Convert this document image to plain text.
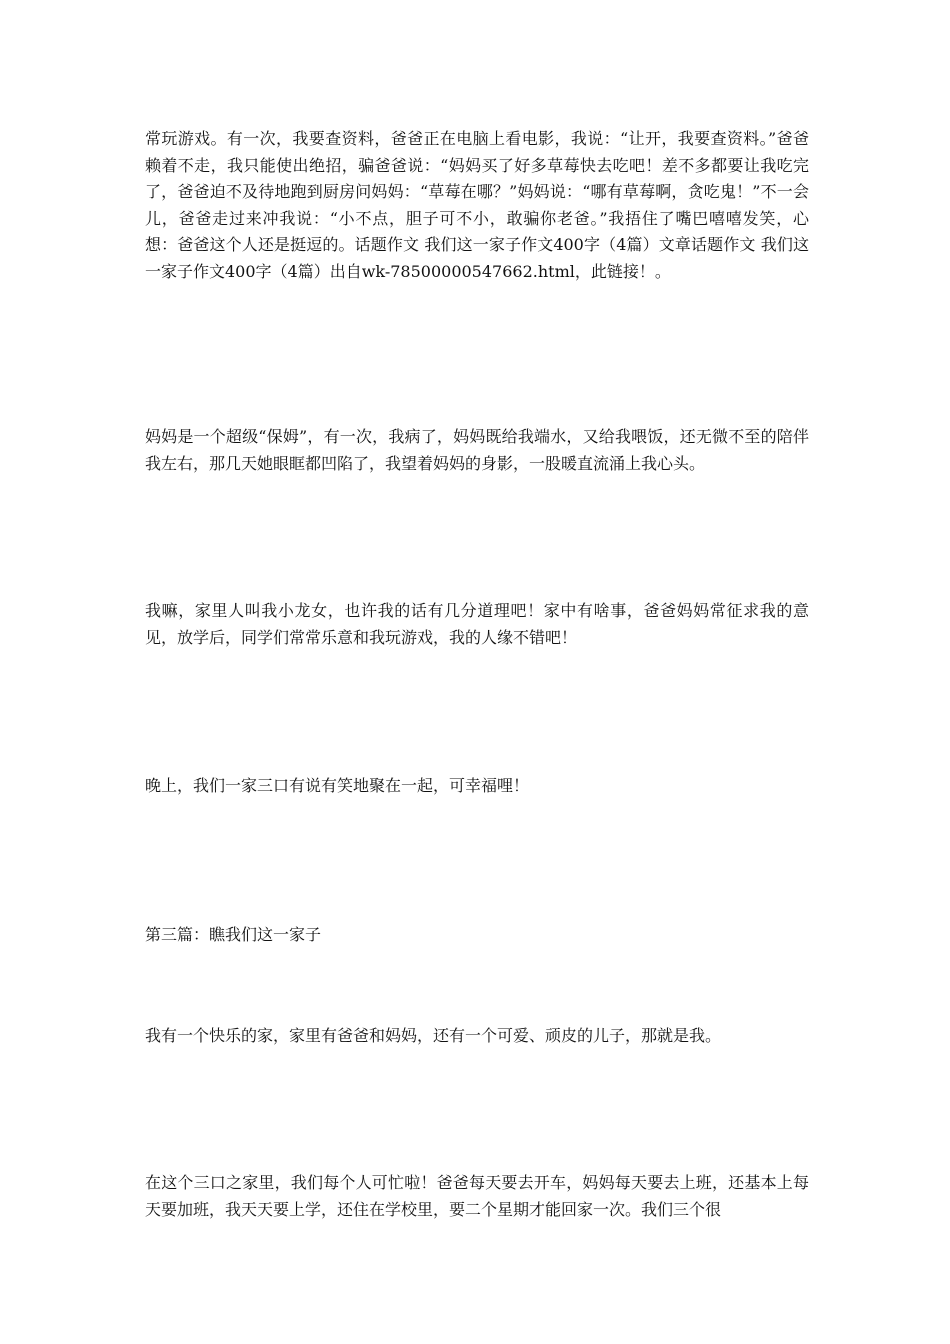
常玩游戏。有一次，我要查资料，爸爸正在电脑上看电影，我说：“让开，我要查资料。”爸爸赖着不走，我只能使出绝招，骗爸爸说：“妈妈买了好多草莓快去吃吧！差不多都要让我吃完了，爸爸迫不及待地跑到厨房问妈妈：“草莓在哪？”妈妈说：“哪有草莓啊，贪吃鬼！”不一会儿，爸爸走过来冲我说：“小不点，胆子可不小，敢骗你老爸。”我捂住了嘴巴嘻嘻发笑，心想：爸爸这个人还是挺逗的。话题作文 我们这一家子作文400字（4篇）文章话题作文 我们这一家子作文400字（4篇）出自wk-78500000547662.html，此链接！。

妈妈是一个超级“保姆”，有一次，我病了，妈妈既给我端水，又给我喂饭，还无微不至的陪伴我左右，那几天她眼眶都凹陷了，我望着妈妈的身影，一股暖直流涌上我心头。

我嘛，家里人叫我小龙女，也许我的话有几分道理吧！家中有啥事，爸爸妈妈常征求我的意见，放学后，同学们常常乐意和我玩游戏，我的人缘不错吧！

晚上，我们一家三口有说有笑地聚在一起，可幸福哩！

第三篇：瞧我们这一家子

我有一个快乐的家，家里有爸爸和妈妈，还有一个可爱、顽皮的儿子，那就是我。

在这个三口之家里，我们每个人可忙啦！爸爸每天要去开车，妈妈每天要去上班，还基本上每天要加班，我天天要上学，还住在学校里，要二个星期才能回家一次。我们三个很
